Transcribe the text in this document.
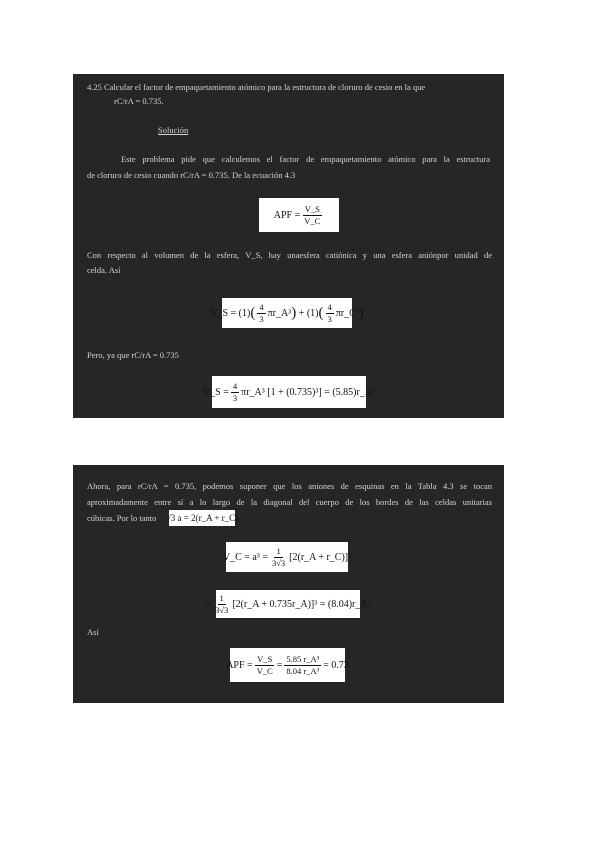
4.25 Calcular el factor de empaquetamiento atómico para la estructura de cloruro de cesio en la que

rC/rA = 0.735.

Solución

Este problema pide que calculemos el factor de empaquetamiento atómico para la estructura

de cloruro de cesio cuando rC/rA = 0.735. De la ecuación 4.3

APF
= $\frac{V\_S}{V\_C}$

Con respecto al volumen de la esfera, V_S, hay unaesfera catiónica y una esfera aniónpor unidad de

celda. Así

V_S
=
(1) ( $\frac{4}{3}$ πr_A³ )
+
(1) ( $\frac{4}{3}$ πr_C³ )

Pero, ya que rC/rA = 0.735

V_S
= $\frac{4}{3}$ πr_A³ [1 + (0.735)³] = (5.85)r_A³

Ahora, para rC/rA = 0.735, podemos suponer que los aniones de esquinas en la Tabla 4.3 se tocan

aproximadamente entre sí a lo largo de la diagonal del cuerpo de los bordes de las celdas unitarias

cúbicas. Por lo tanto √3 a = 2(r_A + r_C)
V_C
= $a^3 = \frac{1}{3√3}$ [2(r_A + r_C)]³
= $\frac{1}{3√3}$ [2(r_A + 0.735r_A)]³ = (8.04)r_A³

Así

APF
= $\frac{V\_S}{V\_C} = \frac{\text{5.85 r\_A³}}{\text{8.04 r\_A³}} = 0.73$
